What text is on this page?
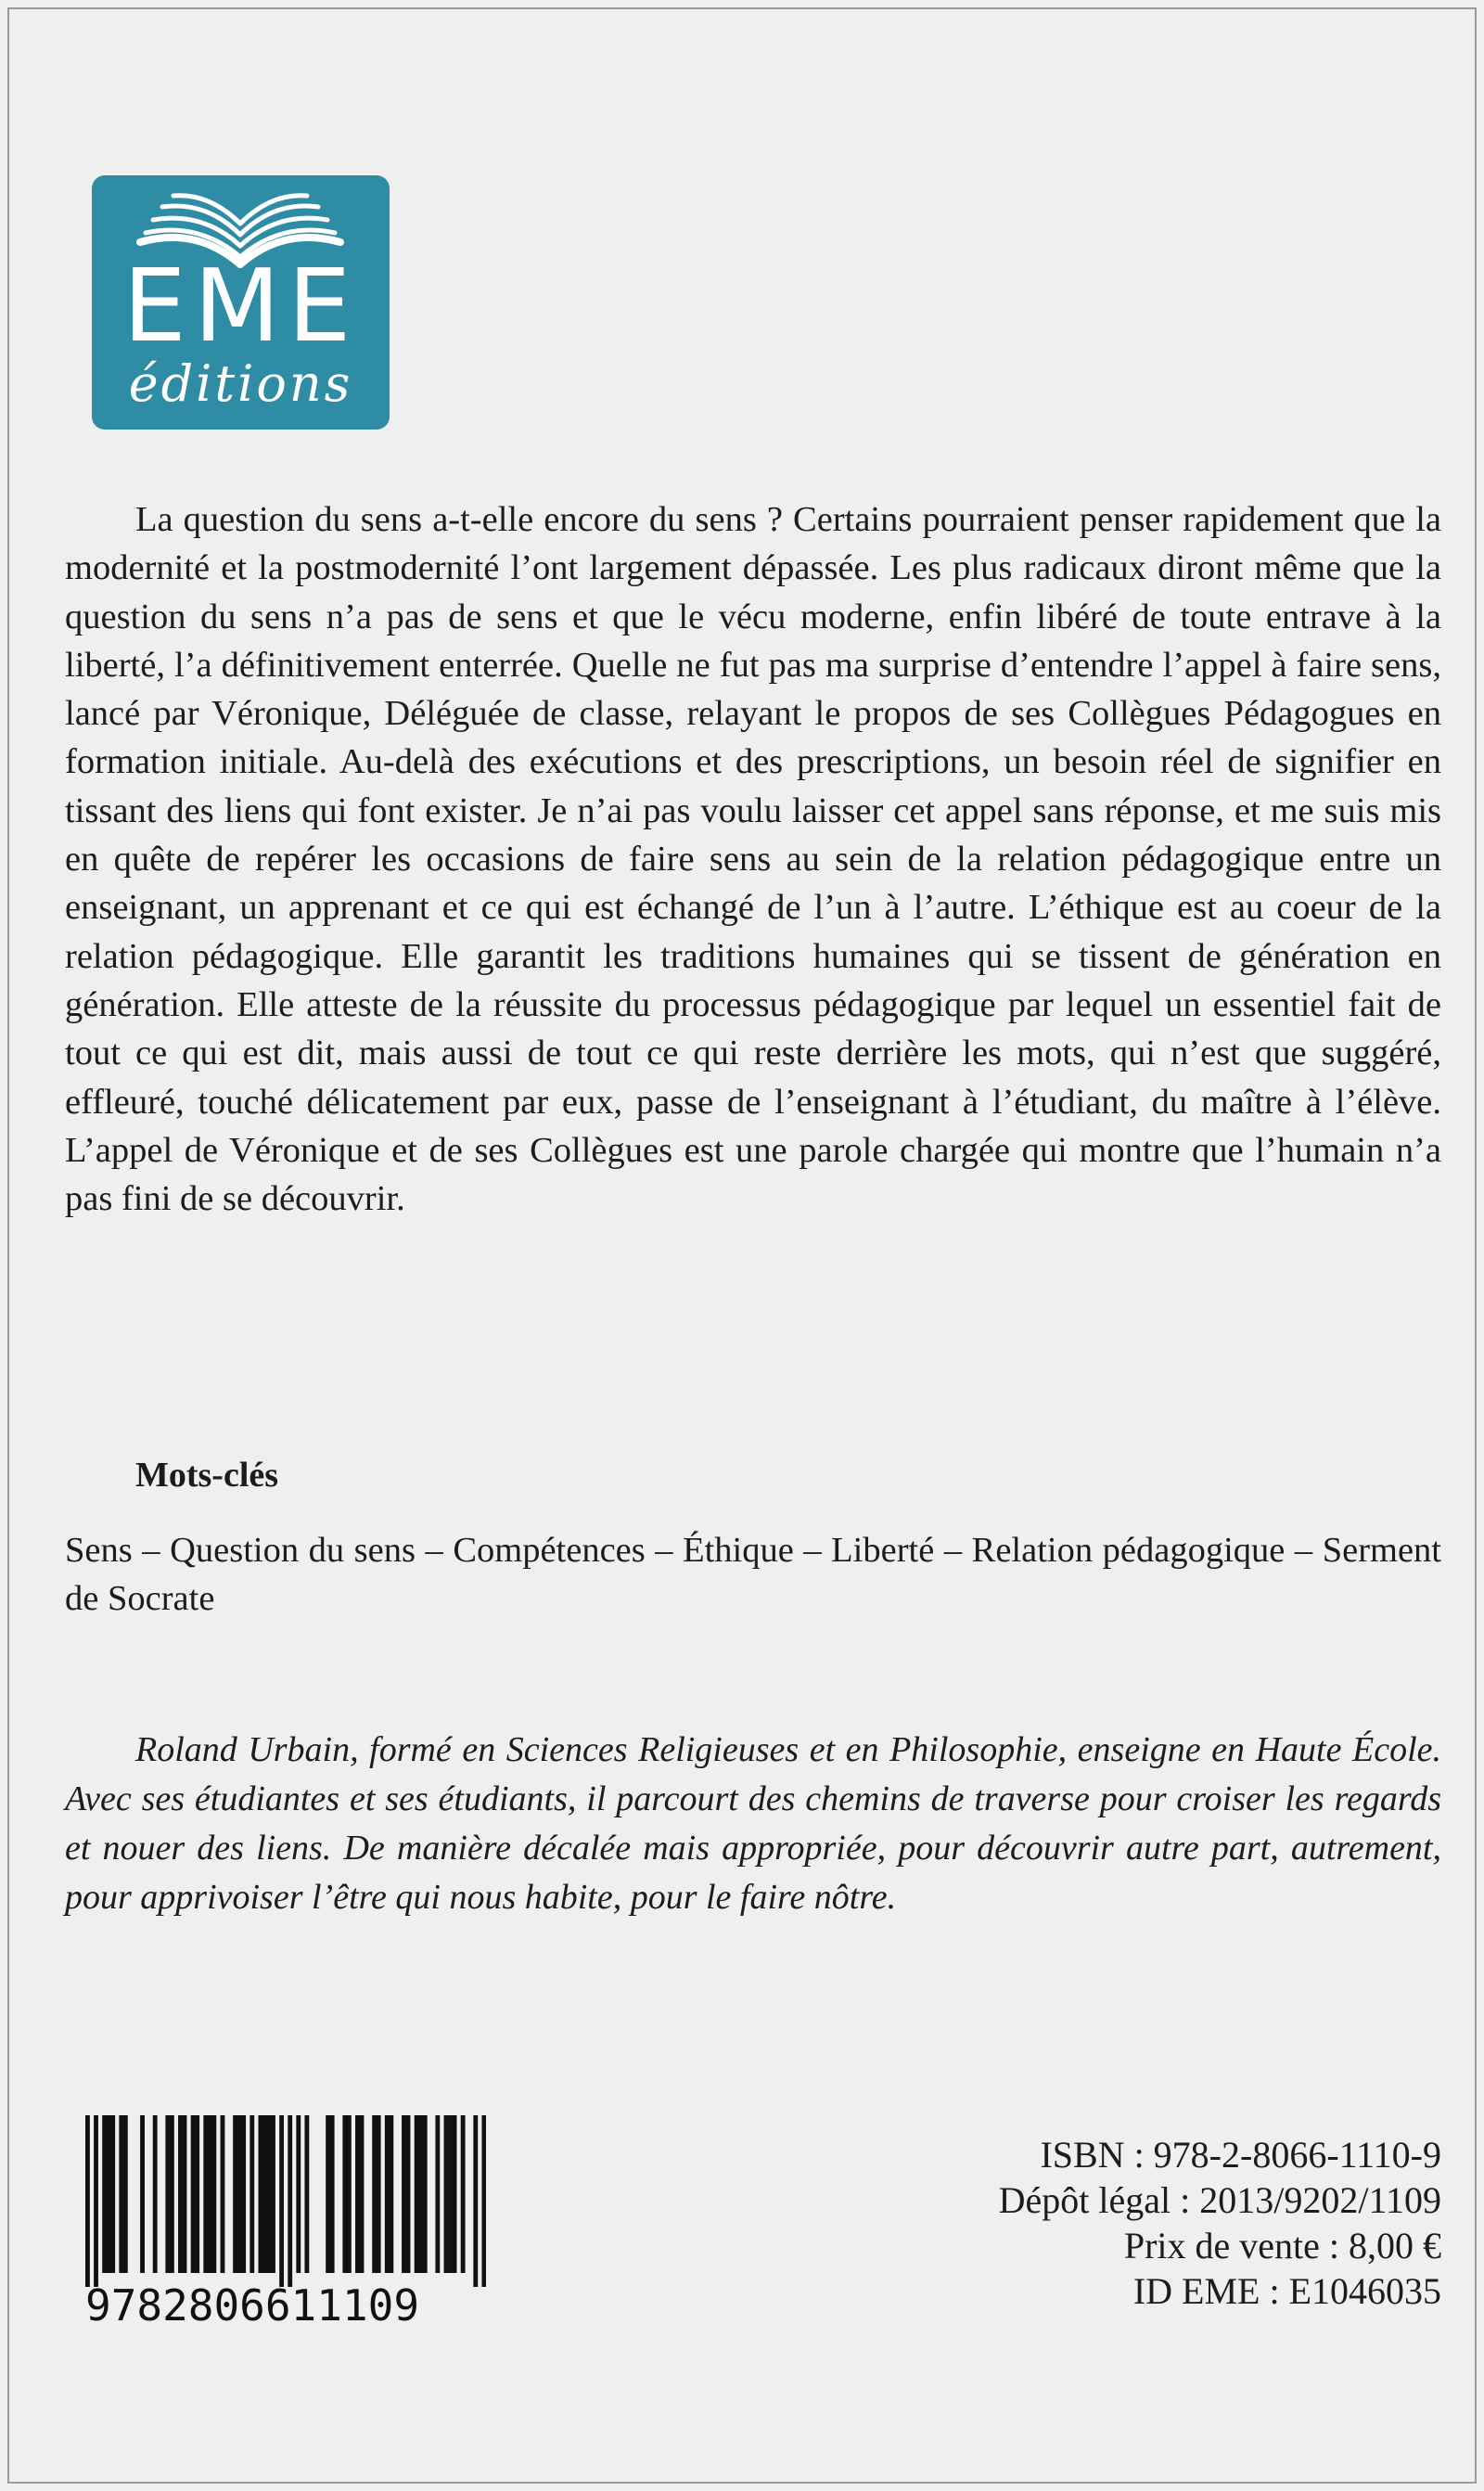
EME
éditions

La question du sens a-t-elle encore du sens ? Certains pourraient penser rapidement que la modernité et la postmodernité l’ont largement dépassée. Les plus radicaux diront même que la question du sens n’a pas de sens et que le vécu moderne, enfin libéré de toute entrave à la liberté, l’a définitivement enterrée. Quelle ne fut pas ma surprise d’entendre l’appel à faire sens, lancé par Véronique, Déléguée de classe, relayant le propos de ses Collègues Pédagogues en formation initiale. Au-delà des exécutions et des prescriptions, un besoin réel de signifier en tissant des liens qui font exister. Je n’ai pas voulu laisser cet appel sans réponse, et me suis mis en quête de repérer les occasions de faire sens au sein de la relation pédagogique entre un enseignant, un apprenant et ce qui est échangé de l’un à l’autre. L’éthique est au coeur de la relation pédagogique. Elle garantit les traditions humaines qui se tissent de génération en génération. Elle atteste de la réussite du processus pédagogique par lequel un essentiel fait de tout ce qui est dit, mais aussi de tout ce qui reste derrière les mots, qui n’est que suggéré, effleuré, touché délicatement par eux, passe de l’enseignant à l’étudiant, du maître à l’élève. L’appel de Véronique et de ses Collègues est une parole chargée qui montre que l’humain n’a pas fini de se découvrir.

Mots-clés

Sens – Question du sens – Compétences – Éthique – Liberté – Relation pédagogique – Serment de Socrate

Roland Urbain, formé en Sciences Religieuses et en Philosophie, enseigne en Haute École. Avec ses étudiantes et ses étudiants, il parcourt des chemins de traverse pour croiser les regards et nouer des liens. De manière décalée mais appropriée, pour découvrir autre part, autrement, pour apprivoiser l’être qui nous habite, pour le faire nôtre.

9782806611109
ISBN : 978-2-8066-1110-9
Dépôt légal : 2013/9202/1109
Prix de vente : 8,00 €
ID EME : E1046035
